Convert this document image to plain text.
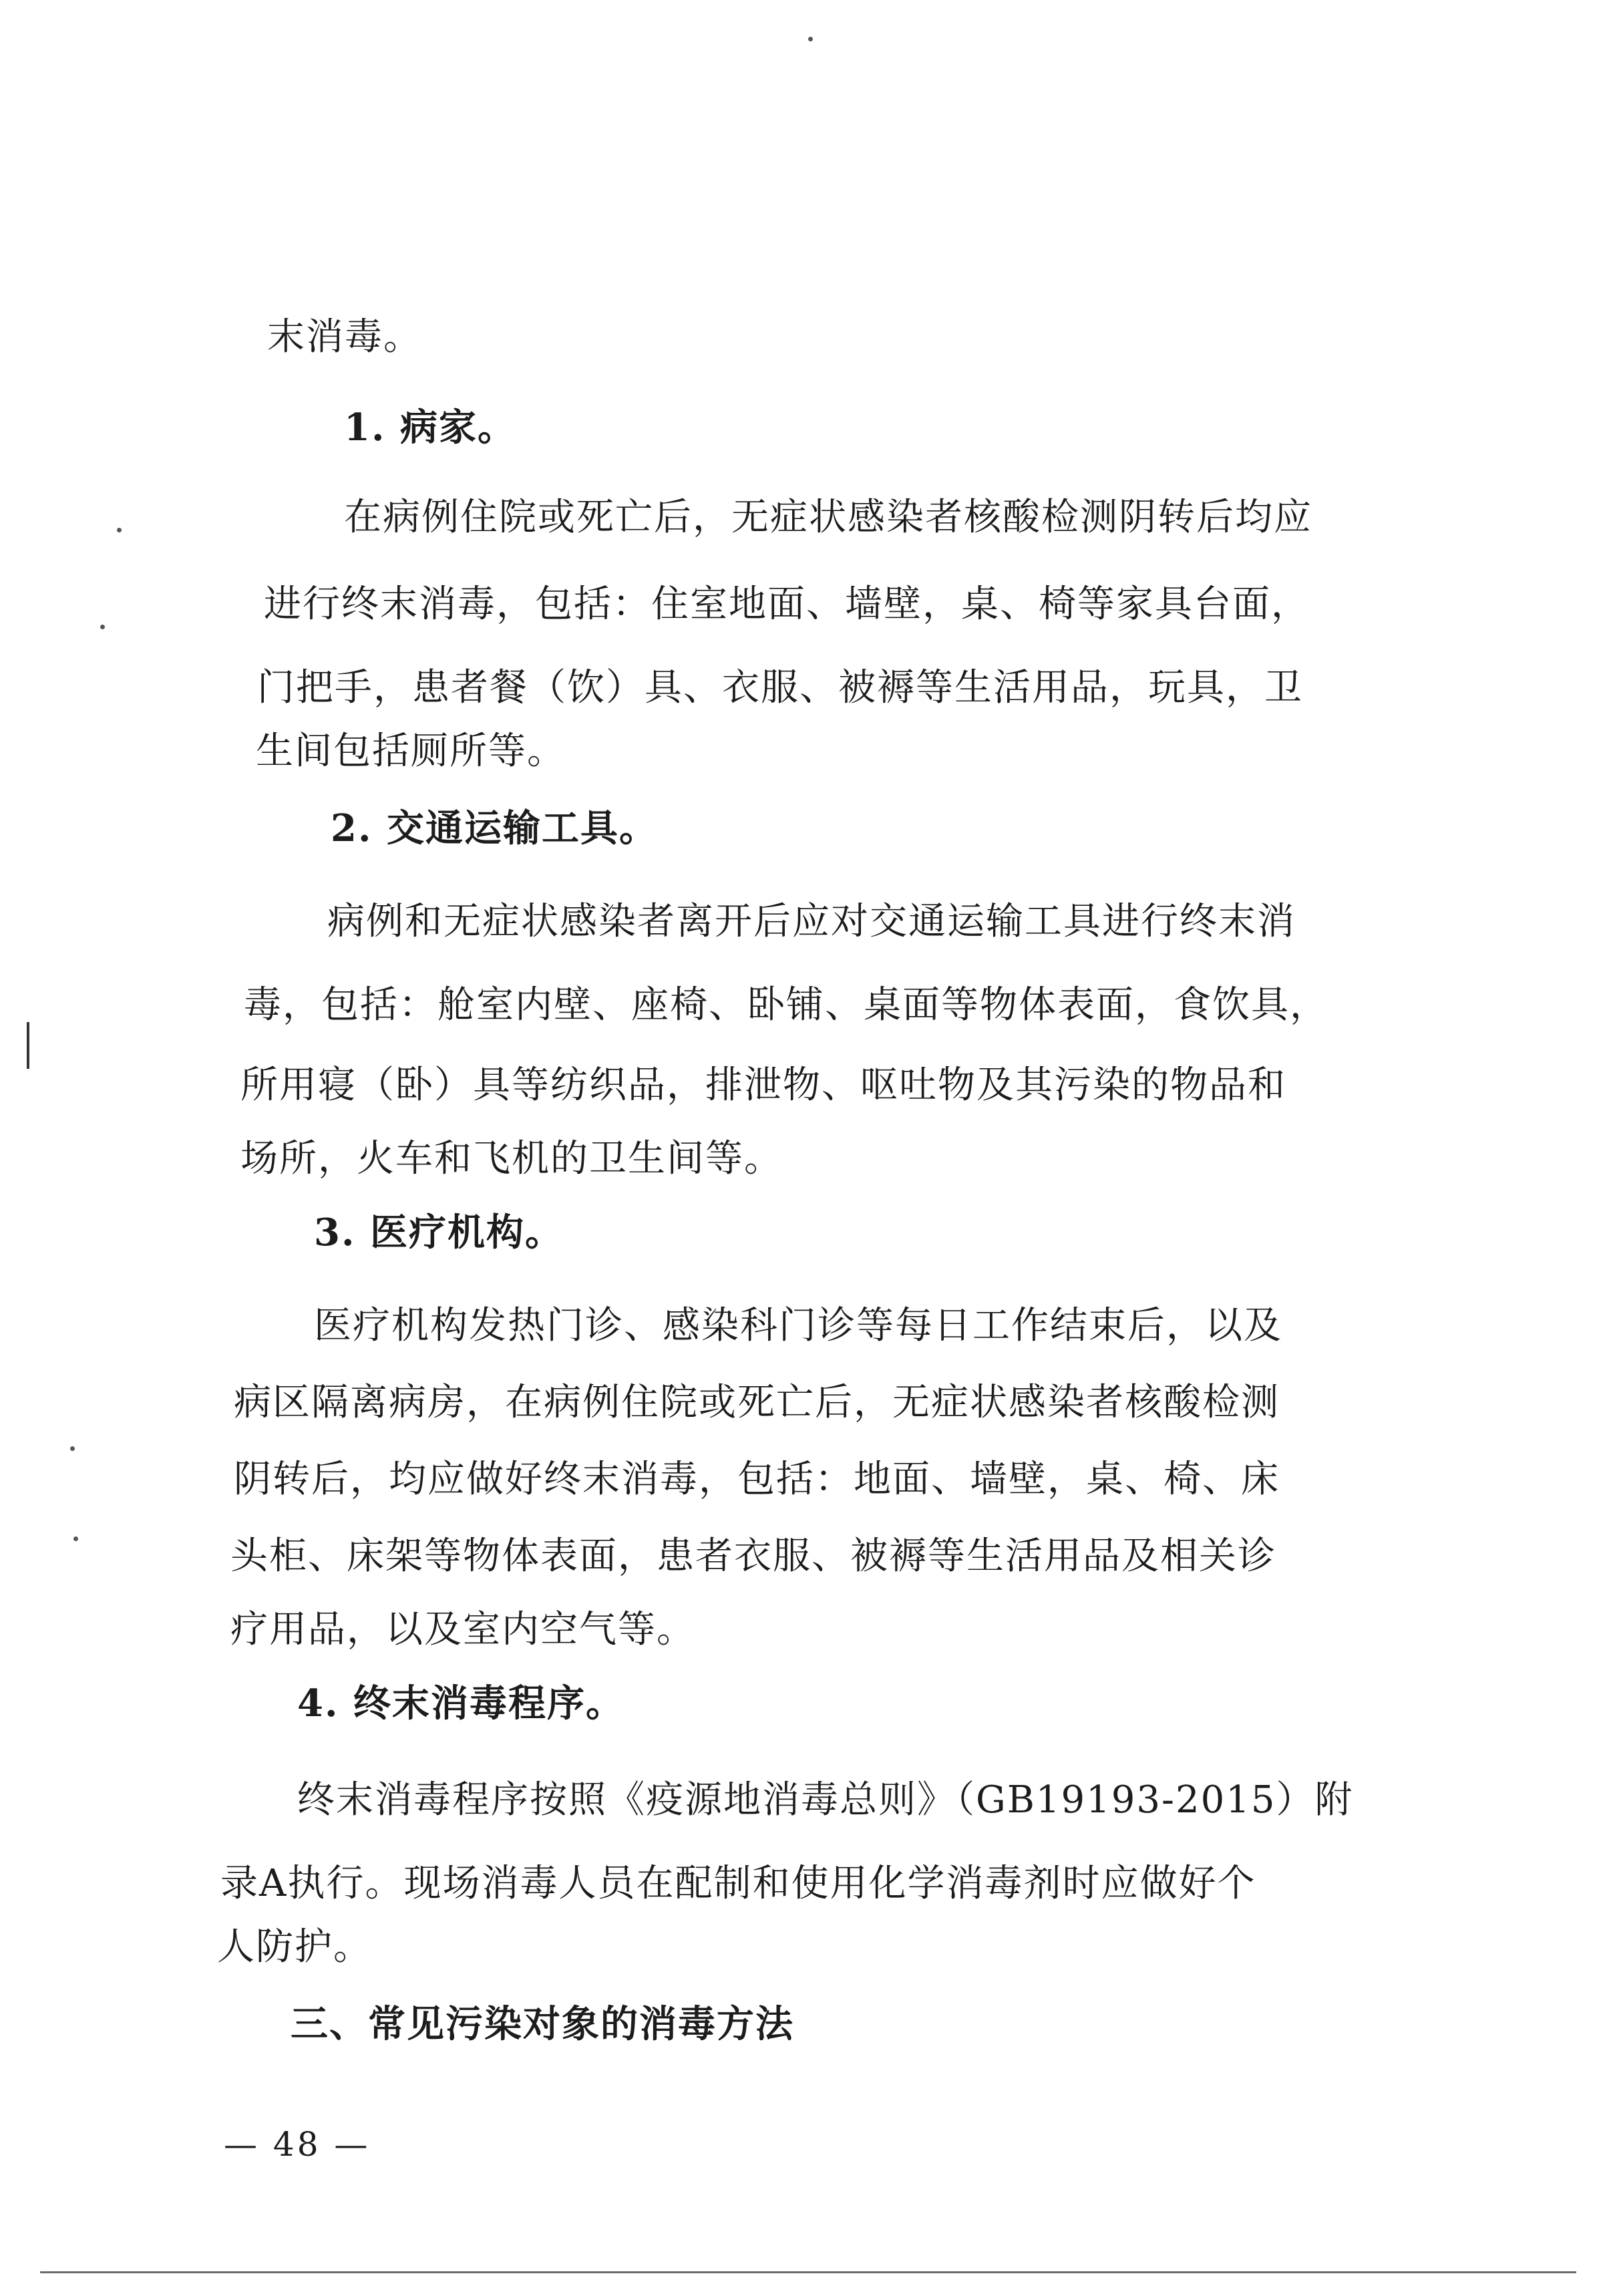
末消毒。
1. 病家。
在病例住院或死亡后，无症状感染者核酸检测阴转后均应
进行终末消毒，包括：住室地面、墙壁，桌、椅等家具台面，
门把手，患者餐（饮）具、衣服、被褥等生活用品，玩具，卫
生间包括厕所等。
2. 交通运输工具。
病例和无症状感染者离开后应对交通运输工具进行终末消
毒，包括：舱室内壁、座椅、卧铺、桌面等物体表面，食饮具，
所用寝（卧）具等纺织品，排泄物、呕吐物及其污染的物品和
场所，火车和飞机的卫生间等。
3. 医疗机构。
医疗机构发热门诊、感染科门诊等每日工作结束后，以及
病区隔离病房，在病例住院或死亡后，无症状感染者核酸检测
阴转后，均应做好终末消毒，包括：地面、墙壁，桌、椅、床
头柜、床架等物体表面，患者衣服、被褥等生活用品及相关诊
疗用品，以及室内空气等。
4. 终末消毒程序。
终末消毒程序按照《疫源地消毒总则》（GB19193-2015）附
录A执行。现场消毒人员在配制和使用化学消毒剂时应做好个
人防护。
三、常见污染对象的消毒方法
— 48 —
